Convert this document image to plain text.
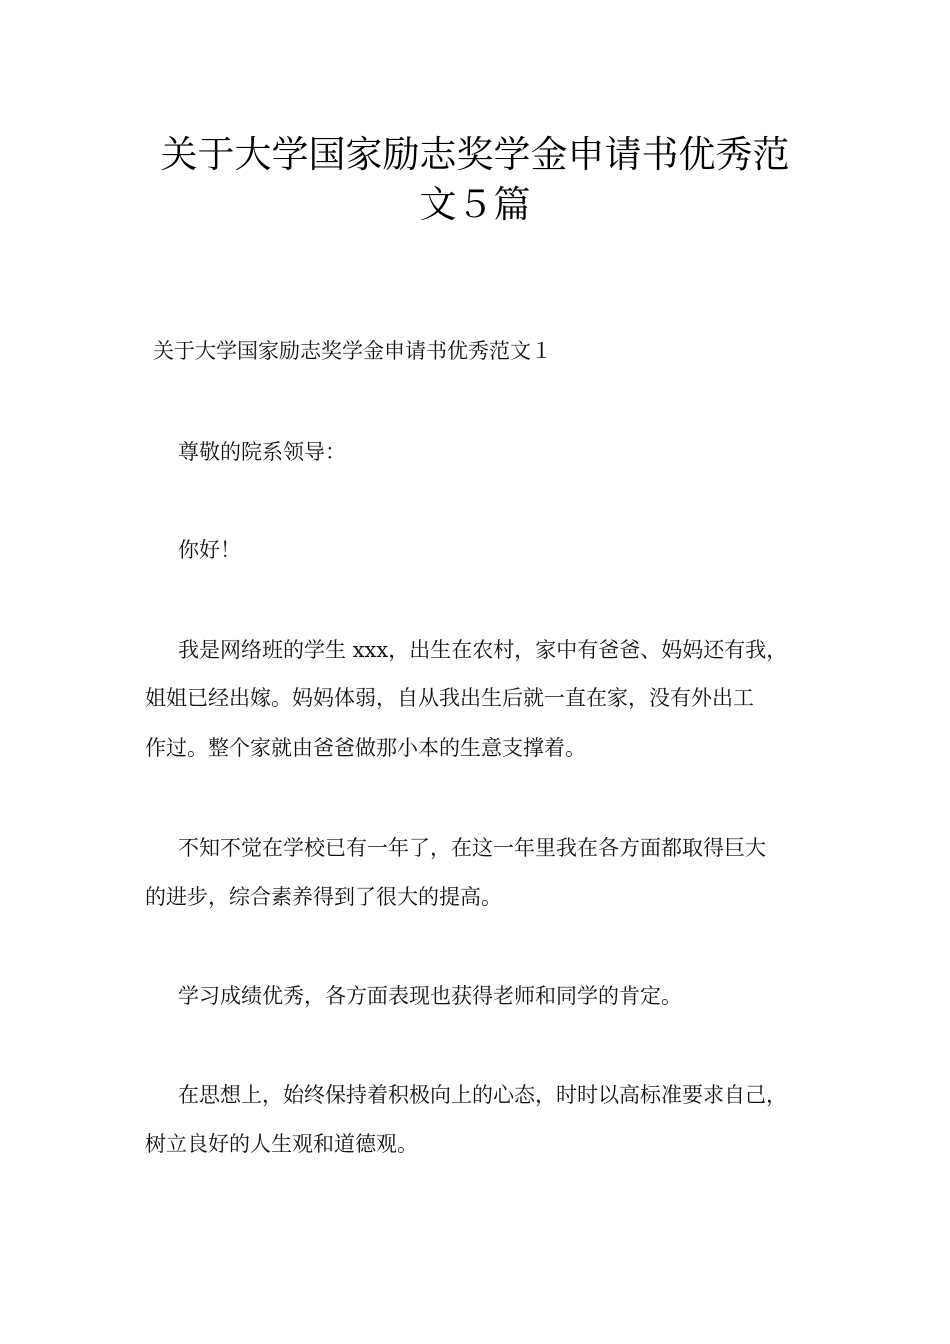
关于大学国家励志奖学金申请书优秀范
文５篇

关于大学国家励志奖学金申请书优秀范文１

尊敬的院系领导：

你好！

我是网络班的学生 xxx，出生在农村，家中有爸爸、妈妈还有我，

姐姐已经出嫁。妈妈体弱，自从我出生后就一直在家，没有外出工

作过。整个家就由爸爸做那小本的生意支撑着。

不知不觉在学校已有一年了，在这一年里我在各方面都取得巨大

的进步，综合素养得到了很大的提高。

学习成绩优秀，各方面表现也获得老师和同学的肯定。

在思想上，始终保持着积极向上的心态，时时以高标准要求自己，

树立良好的人生观和道德观。
